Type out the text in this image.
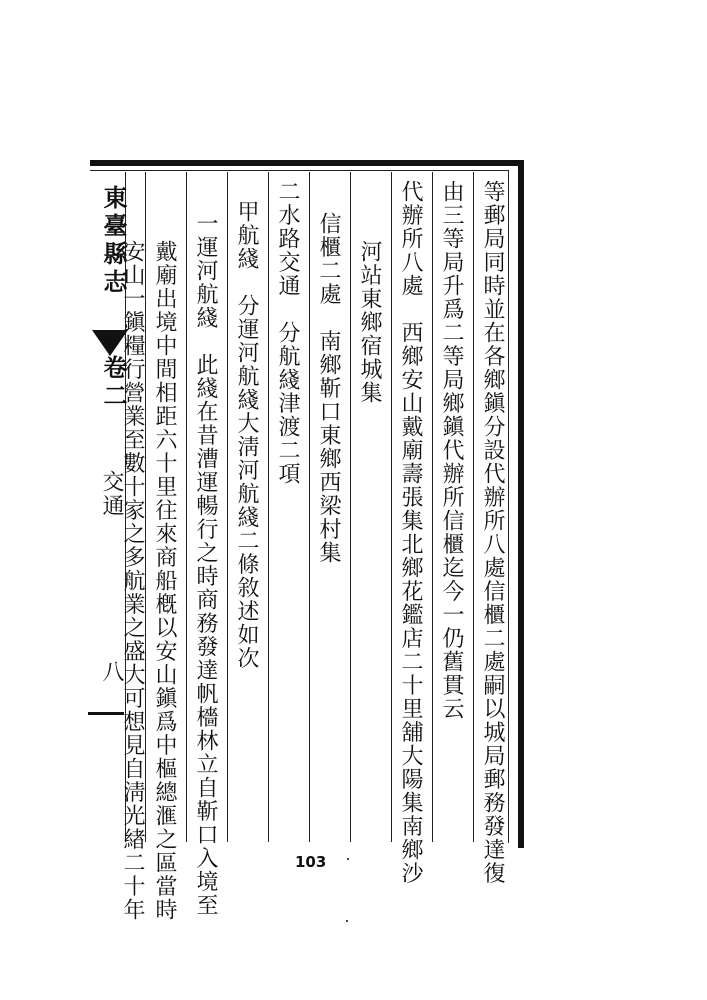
東臺縣志
卷二
交通
八	等郵局同時並在各鄉鎭分設代辦所八處信櫃二處嗣以城局郵務發達復
由三等局升爲二等局鄉鎭代辦所信櫃迄今一仍舊貫云
代辦所八處　西鄉安山戴廟壽張集北鄉花鑑店二十里舖大陽集南鄉沙
河站東鄉宿城集
信櫃二處　南鄉靳口東鄉西梁村集
二水路交通　分航綫津渡二項
甲航綫　分運河航綫大淸河航綫二條敘述如次
一運河航綫　此綫在昔漕運暢行之時商務發達帆檣林立自靳口入境至
戴廟出境中間相距六十里往來商船槪以安山鎭爲中樞總滙之區當時
安山一鎭糧行營業至數十家之多航業之盛大可想見自淸光緖二十年	103
